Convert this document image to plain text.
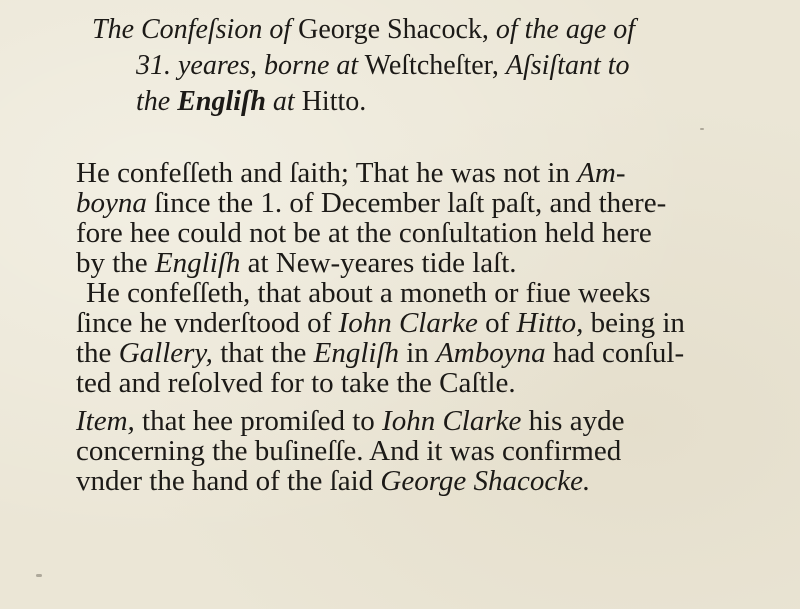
The Confeſsion of George Shacock, of the age of
31. yeares, borne at Weſtcheſter, Aſsiſtant to
the Engliſh at Hitto.
He confeſſeth and ſaith; That he was not in Am-
boyna ſince the 1. of December laſt paſt, and there-
fore hee could not be at the conſultation held here
by the Engliſh at New-yeares tide laſt.
He confeſſeth, that about a moneth or fiue weeks
ſince he vnderſtood of Iohn Clarke of Hitto, being in
the Gallery, that the Engliſh in Amboyna had conſul-
ted and reſolved for to take the Caſtle.
Item, that hee promiſed to Iohn Clarke his ayde
concerning the buſineſſe. And it was confirmed
vnder the hand of the ſaid George Shacocke.
